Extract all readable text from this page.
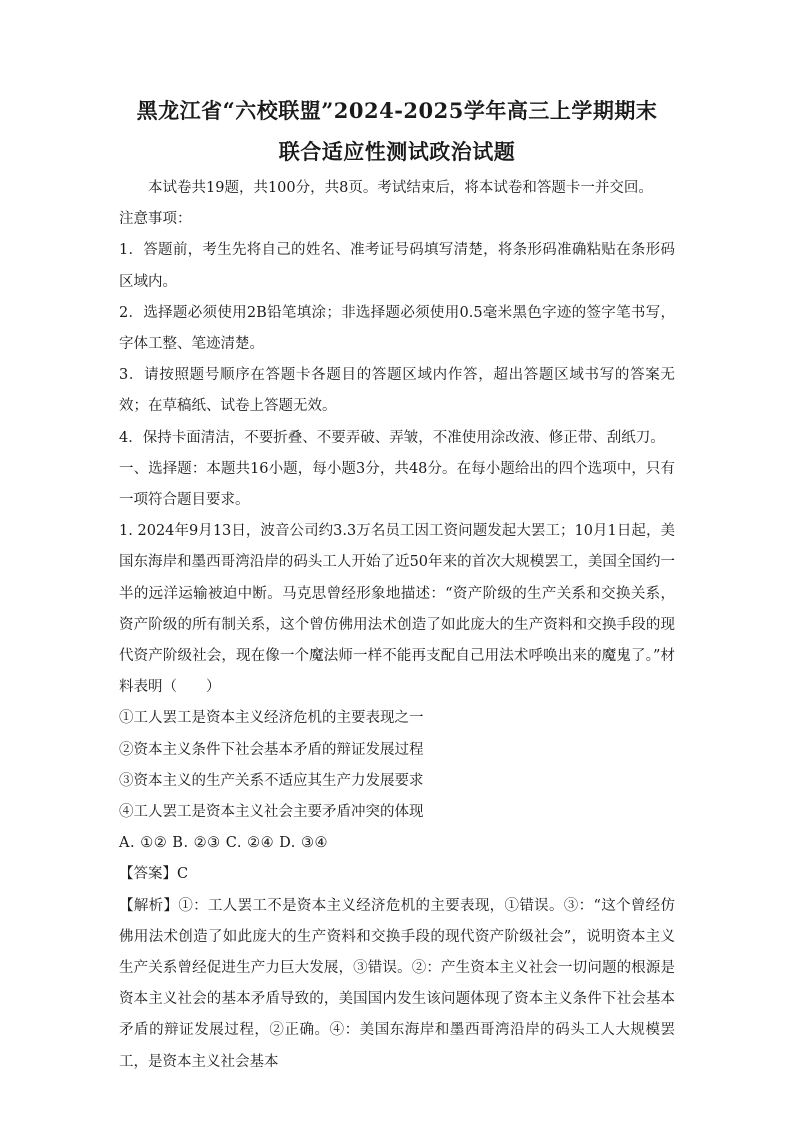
黑龙江省“六校联盟”2024-2025学年高三上学期期末
联合适应性测试政治试题

本试卷共19题，共100分，共8页。考试结束后，将本试卷和答题卡一并交回。

注意事项：

1．答题前，考生先将自己的姓名、准考证号码填写清楚，将条形码准确粘贴在条形码区域内。

2．选择题必须使用2B铅笔填涂；非选择题必须使用0.5毫米黑色字迹的签字笔书写，字体工整、笔迹清楚。

3．请按照题号顺序在答题卡各题目的答题区域内作答，超出答题区域书写的答案无效；在草稿纸、试卷上答题无效。

4．保持卡面清洁，不要折叠、不要弄破、弄皱，不准使用涂改液、修正带、刮纸刀。

一、选择题：本题共16小题，每小题3分，共48分。在每小题给出的四个选项中，只有一项符合题目要求。

1. 2024年9月13日，波音公司约3.3万名员工因工资问题发起大罢工；10月1日起，美国东海岸和墨西哥湾沿岸的码头工人开始了近50年来的首次大规模罢工，美国全国约一半的远洋运输被迫中断。马克思曾经形象地描述：“资产阶级的生产关系和交换关系，资产阶级的所有制关系，这个曾仿佛用法术创造了如此庞大的生产资料和交换手段的现代资产阶级社会，现在像一个魔法师一样不能再支配自己用法术呼唤出来的魔鬼了。”材料表明（　　）

①工人罢工是资本主义经济危机的主要表现之一

②资本主义条件下社会基本矛盾的辩证发展过程

③资本主义的生产关系不适应其生产力发展要求

④工人罢工是资本主义社会主要矛盾冲突的体现

A. ①② B. ②③ C. ②④ D. ③④

【答案】C

【解析】①：工人罢工不是资本主义经济危机的主要表现，①错误。③：“这个曾经仿佛用法术创造了如此庞大的生产资料和交换手段的现代资产阶级社会”，说明资本主义生产关系曾经促进生产力巨大发展，③错误。②：产生资本主义社会一切问题的根源是资本主义社会的基本矛盾导致的，美国国内发生该问题体现了资本主义条件下社会基本矛盾的辩证发展过程，②正确。④：美国东海岸和墨西哥湾沿岸的码头工人大规模罢工，是资本主义社会基本
